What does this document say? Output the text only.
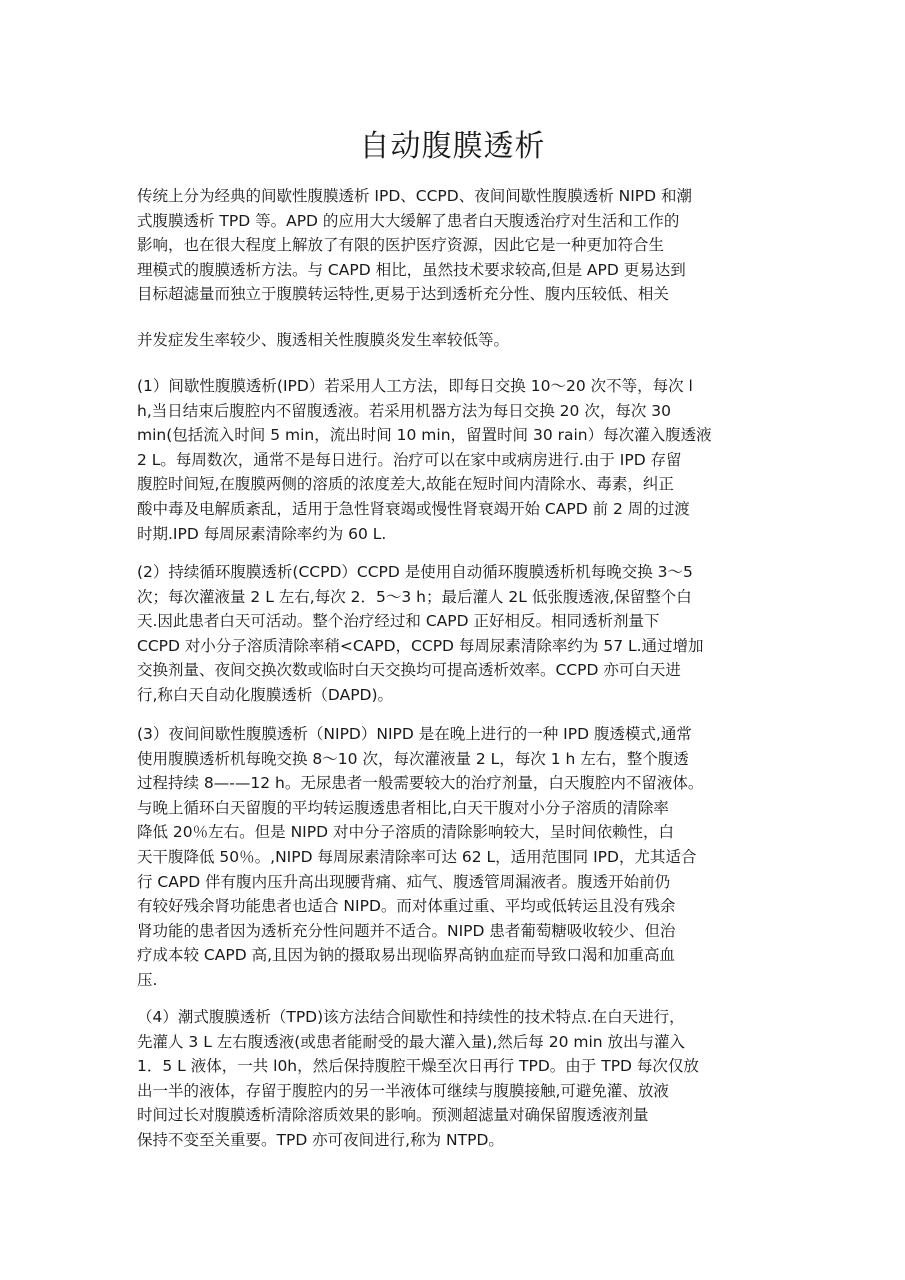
自动腹膜透析
传统上分为经典的间歇性腹膜透析 IPD、CCPD、夜间间歇性腹膜透析 NIPD 和潮
式腹膜透析 TPD 等。APD 的应用大大缓解了患者白天腹透治疗对生活和工作的
影响，也在很大程度上解放了有限的医护医疗资源，因此它是一种更加符合生
理模式的腹膜透析方法。与 CAPD 相比，虽然技术要求较高,但是 APD 更易达到
目标超滤量而独立于腹膜转运特性,更易于达到透析充分性、腹内压较低、相关
并发症发生率较少、腹透相关性腹膜炎发生率较低等。
(1）间歇性腹膜透析(IPD）若采用人工方法，即每日交换 10～20 次不等，每次 l
h,当日结束后腹腔内不留腹透液。若采用机器方法为每日交换 20 次，每次 30
min(包括流入时间 5 min，流出时间 10 min，留置时间 30 rain）每次灌入腹透液
2 L。每周数次，通常不是每日进行。治疗可以在家中或病房进行.由于 IPD 存留
腹腔时间短,在腹膜两侧的溶质的浓度差大,故能在短时间内清除水、毒素，纠正
酸中毒及电解质紊乱，适用于急性肾衰竭或慢性肾衰竭开始 CAPD 前 2 周的过渡
时期.IPD 每周尿素清除率约为 60 L.
(2）持续循环腹膜透析(CCPD）CCPD 是使用自动循环腹膜透析机每晚交换 3～5
次；每次灌液量 2 L 左右,每次 2．5～3 h；最后灌人 2L 低张腹透液,保留整个白
天.因此患者白天可活动。整个治疗经过和 CAPD 正好相反。相同透析剂量下
CCPD 对小分子溶质清除率稍<CAPD，CCPD 每周尿素清除率约为 57 L.通过增加
交换剂量、夜间交换次数或临时白天交换均可提高透析效率。CCPD 亦可白天进
行,称白天自动化腹膜透析（DAPD)。
(3）夜间间歇性腹膜透析（NIPD）NIPD 是在晚上进行的一种 IPD 腹透模式,通常
使用腹膜透析机每晚交换 8～10 次，每次灌液量 2 L，每次 1 h 左右，整个腹透
过程持续 8—-—12 h。无尿患者一般需要较大的治疗剂量，白天腹腔内不留液体。
与晚上循环白天留腹的平均转运腹透患者相比,白天干腹对小分子溶质的清除率
降低 20％左右。但是 NIPD 对中分子溶质的清除影响较大，呈时间依赖性，白
天干腹降低 50％。,NIPD 每周尿素清除率可达 62 L，适用范围同 IPD，尤其适合
行 CAPD 伴有腹内压升高出现腰背痛、疝气、腹透管周漏液者。腹透开始前仍
有较好残余肾功能患者也适合 NIPD。而对体重过重、平均或低转运且没有残余
肾功能的患者因为透析充分性问题并不适合。NIPD 患者葡萄糖吸收较少、但治
疗成本较 CAPD 高,且因为钠的摄取易出现临界高钠血症而导致口渴和加重高血
压.
（4）潮式腹膜透析（TPD)该方法结合间歇性和持续性的技术特点.在白天进行，
先灌人 3 L 左右腹透液(或患者能耐受的最大灌入量),然后每 20 min 放出与灌入
1．5 L 液体，一共 l0h，然后保持腹腔干燥至次日再行 TPD。由于 TPD 每次仅放
出一半的液体，存留于腹腔内的另一半液体可继续与腹膜接触,可避免灌、放液
时间过长对腹膜透析清除溶质效果的影响。预测超滤量对确保留腹透液剂量
保持不变至关重要。TPD 亦可夜间进行,称为 NTPD。
